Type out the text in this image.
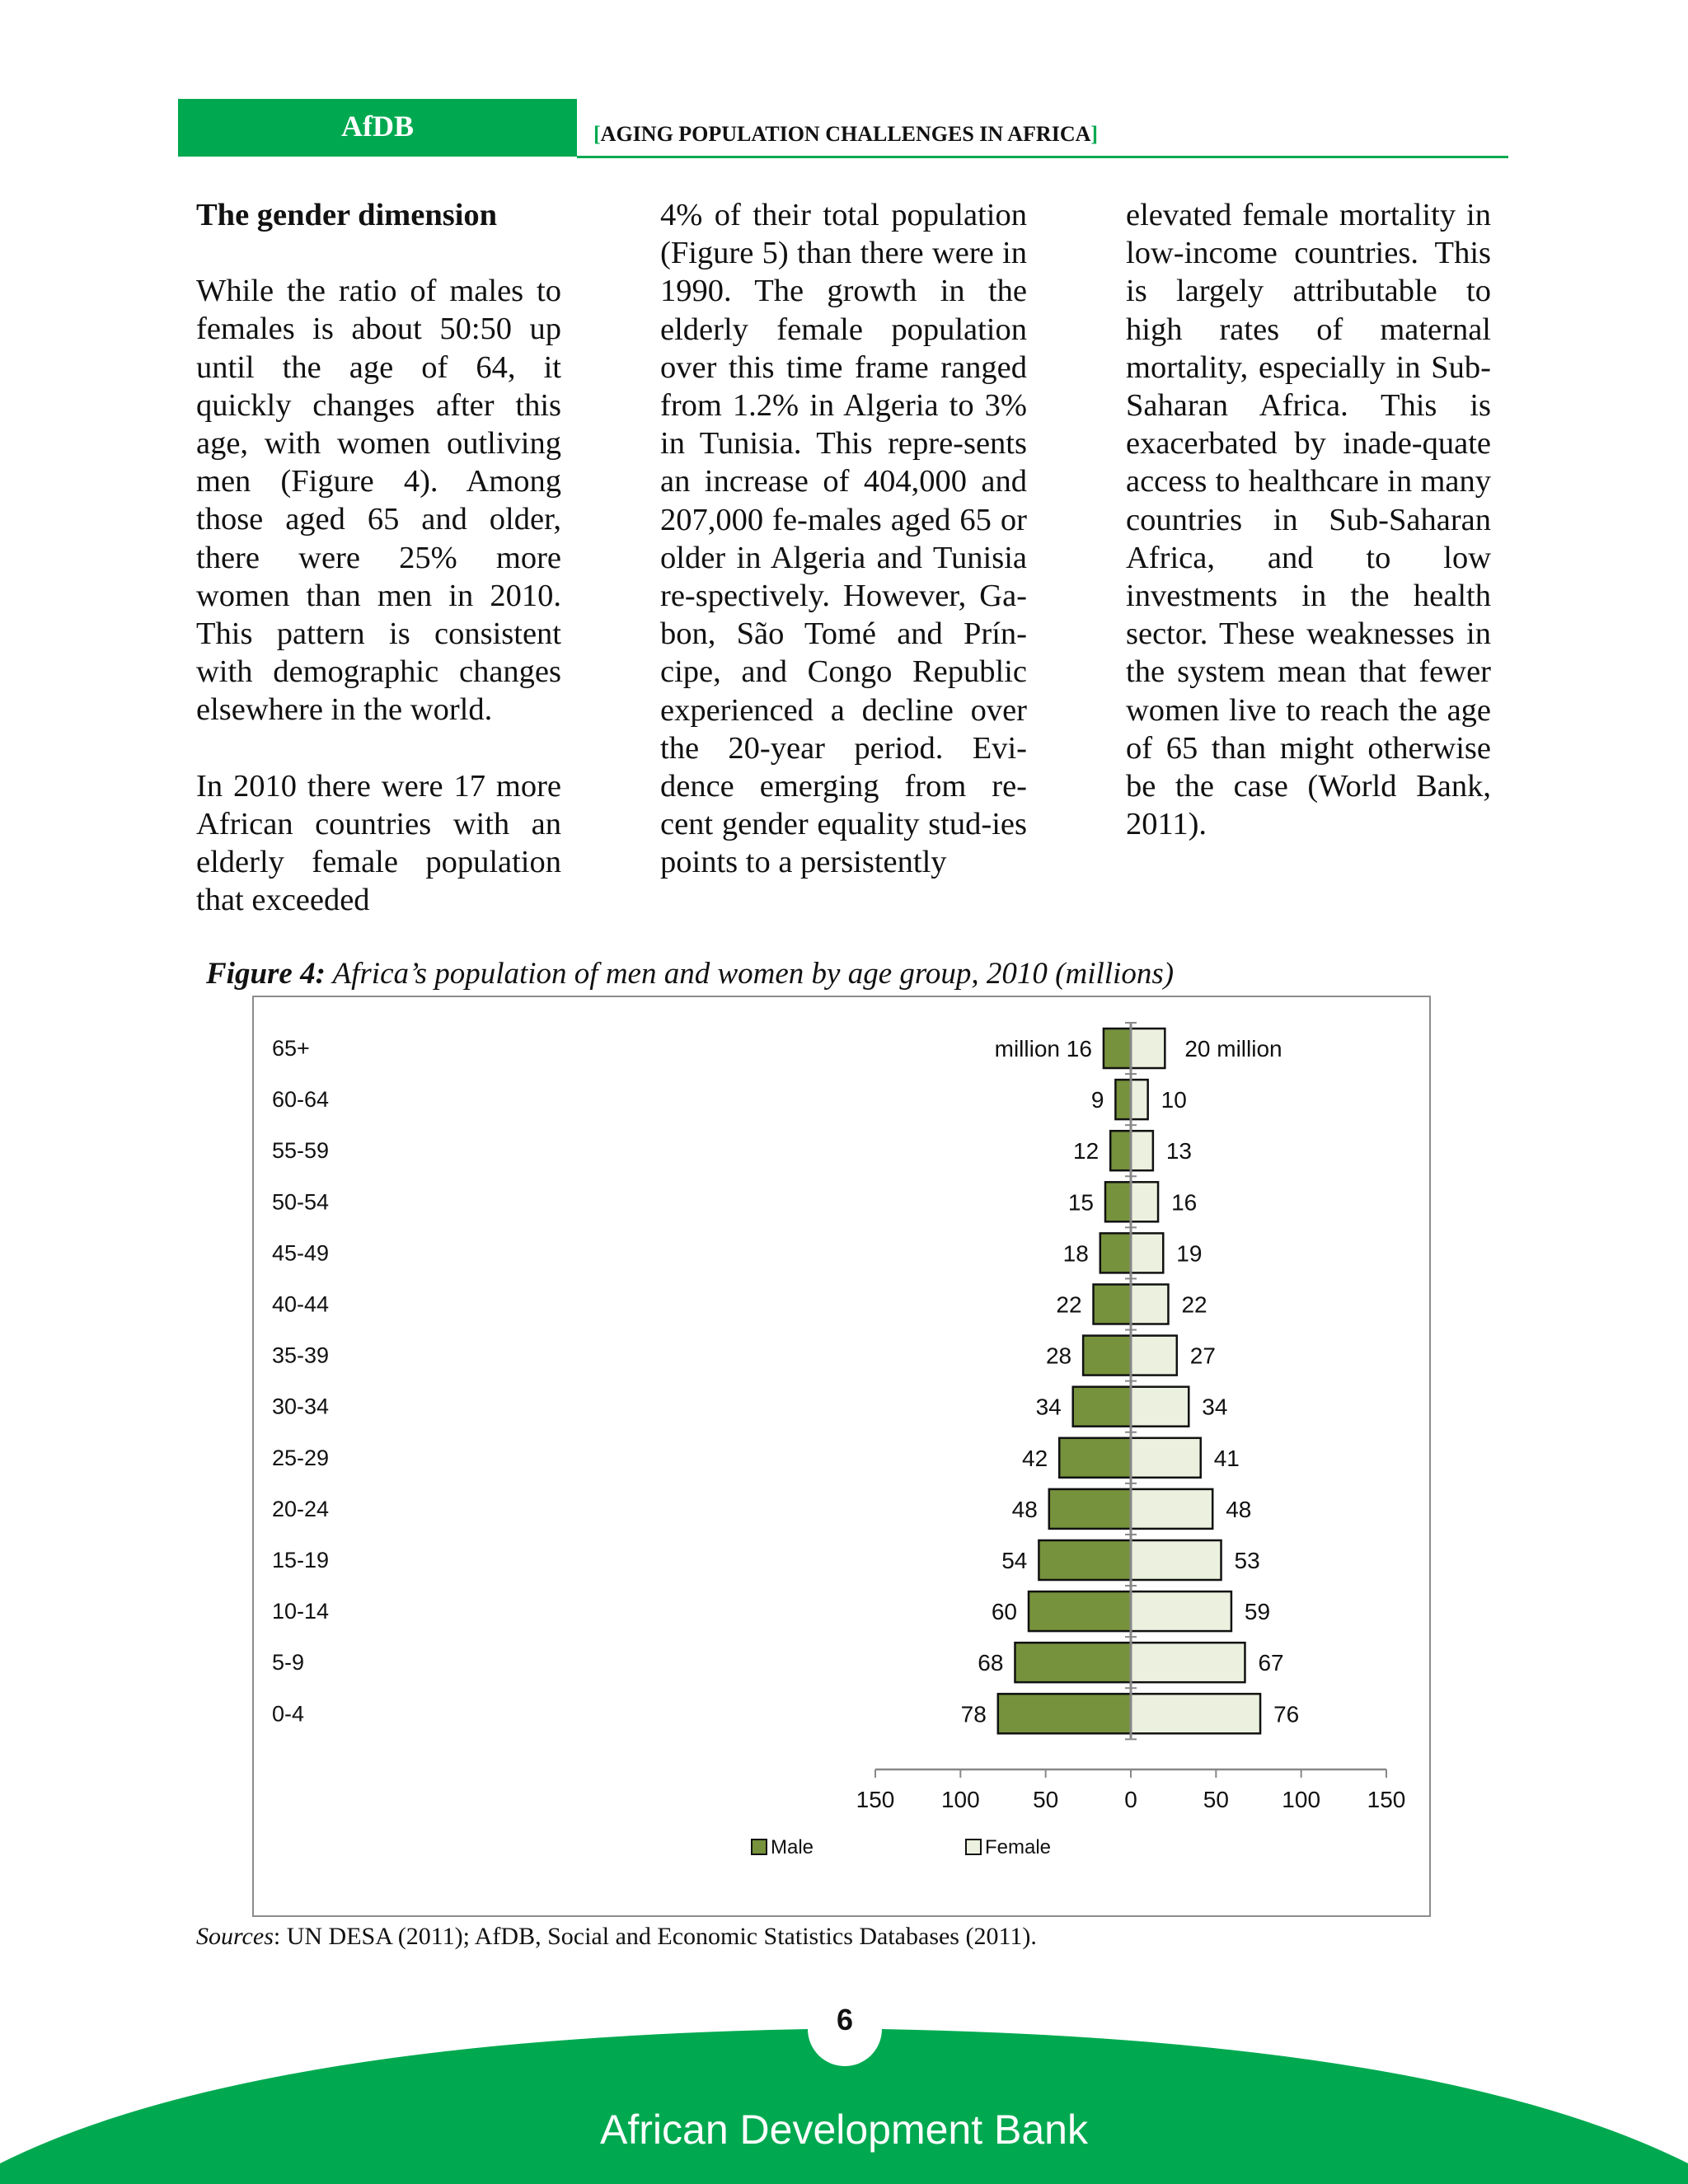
AfDB	[AGING POPULATION CHALLENGES IN AFRICA]

The gender dimension

While the ratio of males to females is about 50:50 up until the age of 64, it quickly changes after this age, with women outliving men (Figure 4). Among those aged 65 and older, there were 25% more women than men in 2010. This pattern is consistent with demographic changes elsewhere in the world.

In 2010 there were 17 more African countries with an elderly female population that exceeded

4% of their total population (Figure 5) than there were in 1990. The growth in the elderly female population over this time frame ranged from 1.2% in Algeria to 3% in Tunisia. This repre-sents an increase of 404,000 and 207,000 fe-males aged 65 or older in Algeria and Tunisia re-spectively. However, Ga-bon, São Tomé and Prín-cipe, and Congo Republic experienced a decline over the 20-year period. Evi-dence emerging from re-cent gender equality stud-ies points to a persistently

elevated female mortality in low-income countries. This is largely attributable to high rates of maternal mortality, especially in Sub-Saharan Africa. This is exacerbated by inade-quate access to healthcare in many countries in Sub-Saharan Africa, and to low investments in the health sector. These weaknesses in the system mean that fewer women live to reach the age of 65 than might otherwise be the case (World Bank, 2011).

Figure 4: Africa’s population of men and women by age group, 2010 (millions)
65+
60-64
55-59
50-54
45-49
40-44
35-39
30-34
25-29
20-24
15-19
10-14
5-9
0-4
million 16	20 million
9 10
12	13
15	16
18	19
22	22
28	27
34	34
42	41
48	48
54	53
60	59
68	67
78	76
150 100 50	0	50 100 150
Male	Female
Sources: UN DESA (2011); AfDB, Social and Economic Statistics Databases (2011).
6
African Development Bank
